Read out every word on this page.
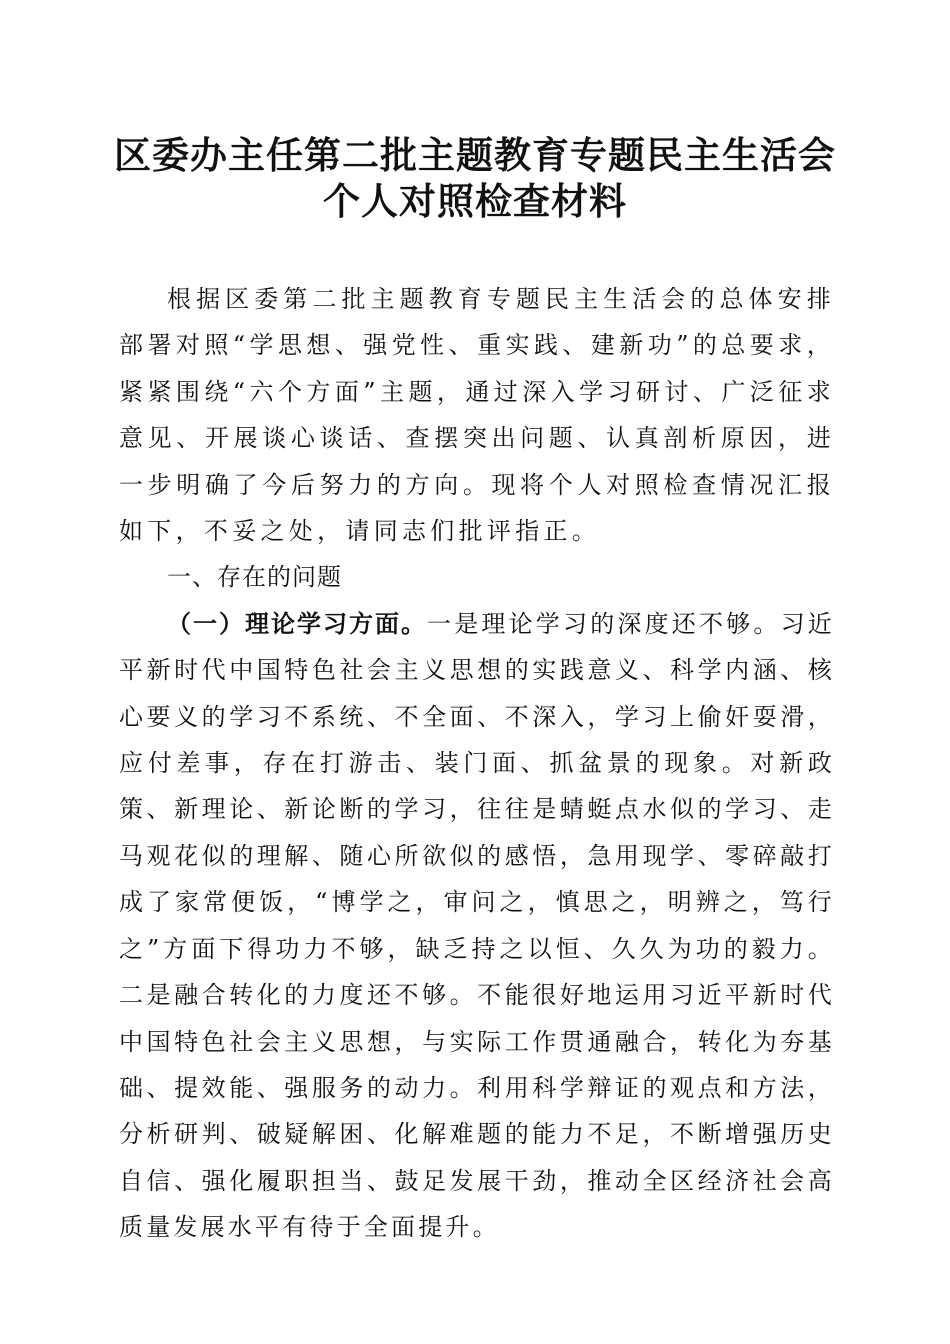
区委办主任第二批主题教育专题民主生活会个人对照检查材料

根据区委第二批主题教育专题民主生活会的总体安排部署对照“学思想、强党性、重实践、建新功”的总要求，紧紧围绕“六个方面”主题，通过深入学习研讨、广泛征求意见、开展谈心谈话、查摆突出问题、认真剖析原因，进一步明确了今后努力的方向。现将个人对照检查情况汇报如下，不妥之处，请同志们批评指正。

一、存在的问题

（一）理论学习方面。一是理论学习的深度还不够。习近平新时代中国特色社会主义思想的实践意义、科学内涵、核心要义的学习不系统、不全面、不深入，学习上偷奸耍滑，应付差事，存在打游击、装门面、抓盆景的现象。对新政策、新理论、新论断的学习，往往是蜻蜓点水似的学习、走马观花似的理解、随心所欲似的感悟，急用现学、零碎敲打成了家常便饭，“博学之，审问之，慎思之，明辨之，笃行之”方面下得功力不够，缺乏持之以恒、久久为功的毅力。二是融合转化的力度还不够。不能很好地运用习近平新时代中国特色社会主义思想，与实际工作贯通融合，转化为夯基础、提效能、强服务的动力。利用科学辩证的观点和方法，分析研判、破疑解困、化解难题的能力不足，不断增强历史自信、强化履职担当、鼓足发展干劲，推动全区经济社会高质量发展水平有待于全面提升。
